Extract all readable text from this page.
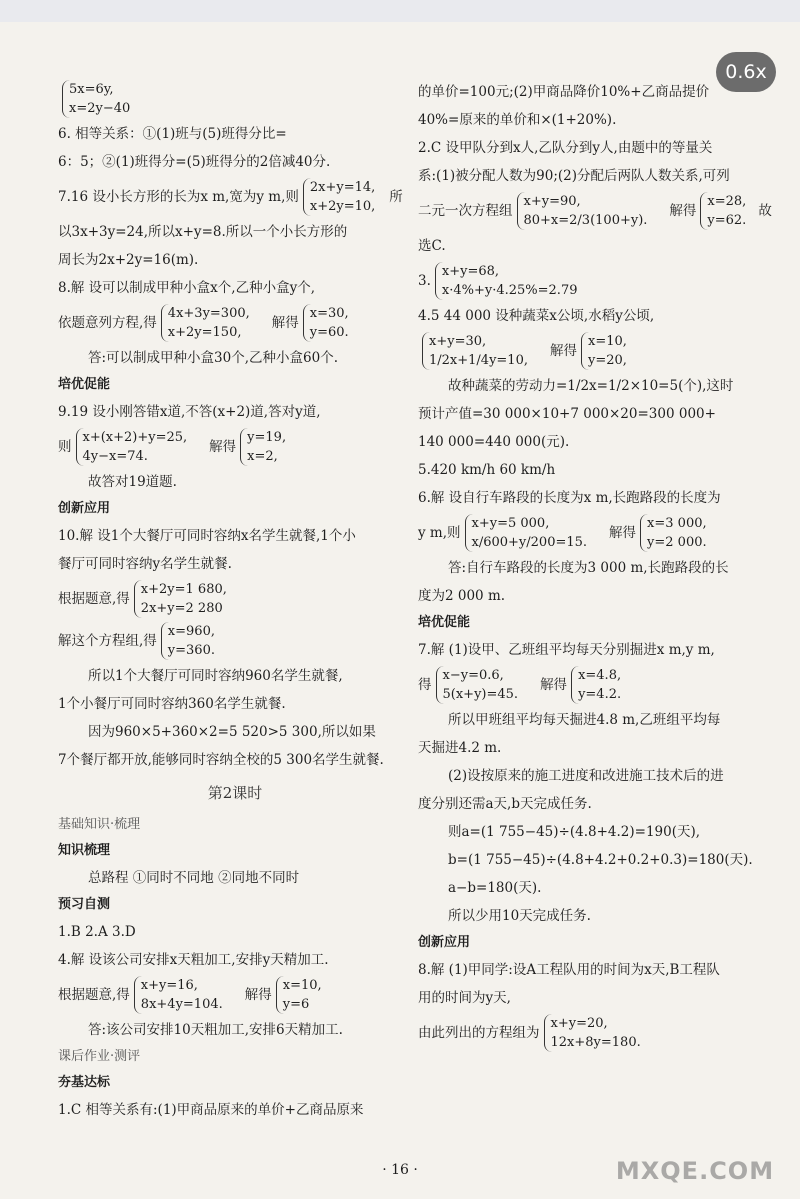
0.6x
5x=6y,
x=2y−40
6. 相等关系：①(1)班与(5)班得分比=
6：5；②(1)班得分=(5)班得分的2倍减40分.
7.16 设小长方形的长为x m,宽为y m,则
2x+y=14,
x+2y=10,
所
以3x+3y=24,所以x+y=8.所以一个小长方形的
周长为2x+2y=16(m).
8.解 设可以制成甲种小盒x个,乙种小盒y个,
依题意列方程,得
4x+3y=300,
x+2y=150,
解得
x=30,
y=60.
答:可以制成甲种小盒30个,乙种小盒60个.
培优促能
9.19 设小刚答错x道,不答(x+2)道,答对y道,
则
x+(x+2)+y=25,
4y−x=74.
解得
y=19,
x=2,
故答对19道题.
创新应用
10.解 设1个大餐厅可同时容纳x名学生就餐,1个小
餐厅可同时容纳y名学生就餐.
根据题意,得
x+2y=1 680,
2x+y=2 280
解这个方程组,得
x=960,
y=360.
所以1个大餐厅可同时容纳960名学生就餐,
1个小餐厅可同时容纳360名学生就餐.
因为960×5+360×2=5 520>5 300,所以如果
7个餐厅都开放,能够同时容纳全校的5 300名学生就餐.
第2课时
基础知识·梳理
知识梳理
总路程 ①同时不同地 ②同地不同时
预习自测
1.B 2.A 3.D
4.解 设该公司安排x天粗加工,安排y天精加工.
根据题意,得
x+y=16,
8x+4y=104.
解得
x=10,
y=6
答:该公司安排10天粗加工,安排6天精加工.
课后作业·测评
夯基达标
1.C 相等关系有:(1)甲商品原来的单价+乙商品原来
的单价=100元;(2)甲商品降价10%+乙商品提价
40%=原来的单价和×(1+20%).
2.C 设甲队分到x人,乙队分到y人,由题中的等量关
系:(1)被分配人数为90;(2)分配后两队人数关系,可列
二元一次方程组
x+y=90,
80+x=2/3(100+y).
解得
x=28,
y=62.
故
选C.
3.
x+y=68,
x·4%+y·4.25%=2.79
4.5 44 000 设种蔬菜x公顷,水稻y公顷,
x+y=30,
1/2x+1/4y=10,
解得
x=10,
y=20,
故种蔬菜的劳动力=1/2x=1/2×10=5(个),这时
预计产值=30 000×10+7 000×20=300 000+
140 000=440 000(元).
5.420 km/h 60 km/h
6.解 设自行车路段的长度为x m,长跑路段的长度为
y m,则
x+y=5 000,
x/600+y/200=15.
解得
x=3 000,
y=2 000.
答:自行车路段的长度为3 000 m,长跑路段的长
度为2 000 m.
培优促能
7.解 (1)设甲、乙班组平均每天分别掘进x m,y m,
得
x−y=0.6,
5(x+y)=45.
解得
x=4.8,
y=4.2.
所以甲班组平均每天掘进4.8 m,乙班组平均每
天掘进4.2 m.
(2)设按原来的施工进度和改进施工技术后的进
度分别还需a天,b天完成任务.
则a=(1 755−45)÷(4.8+4.2)=190(天),
b=(1 755−45)÷(4.8+4.2+0.2+0.3)=180(天).
a−b=180(天).
所以少用10天完成任务.
创新应用
8.解 (1)甲同学:设A工程队用的时间为x天,B工程队
用的时间为y天,
由此列出的方程组为
x+y=20,
12x+8y=180.
· 16 ·	MXQE.COM
